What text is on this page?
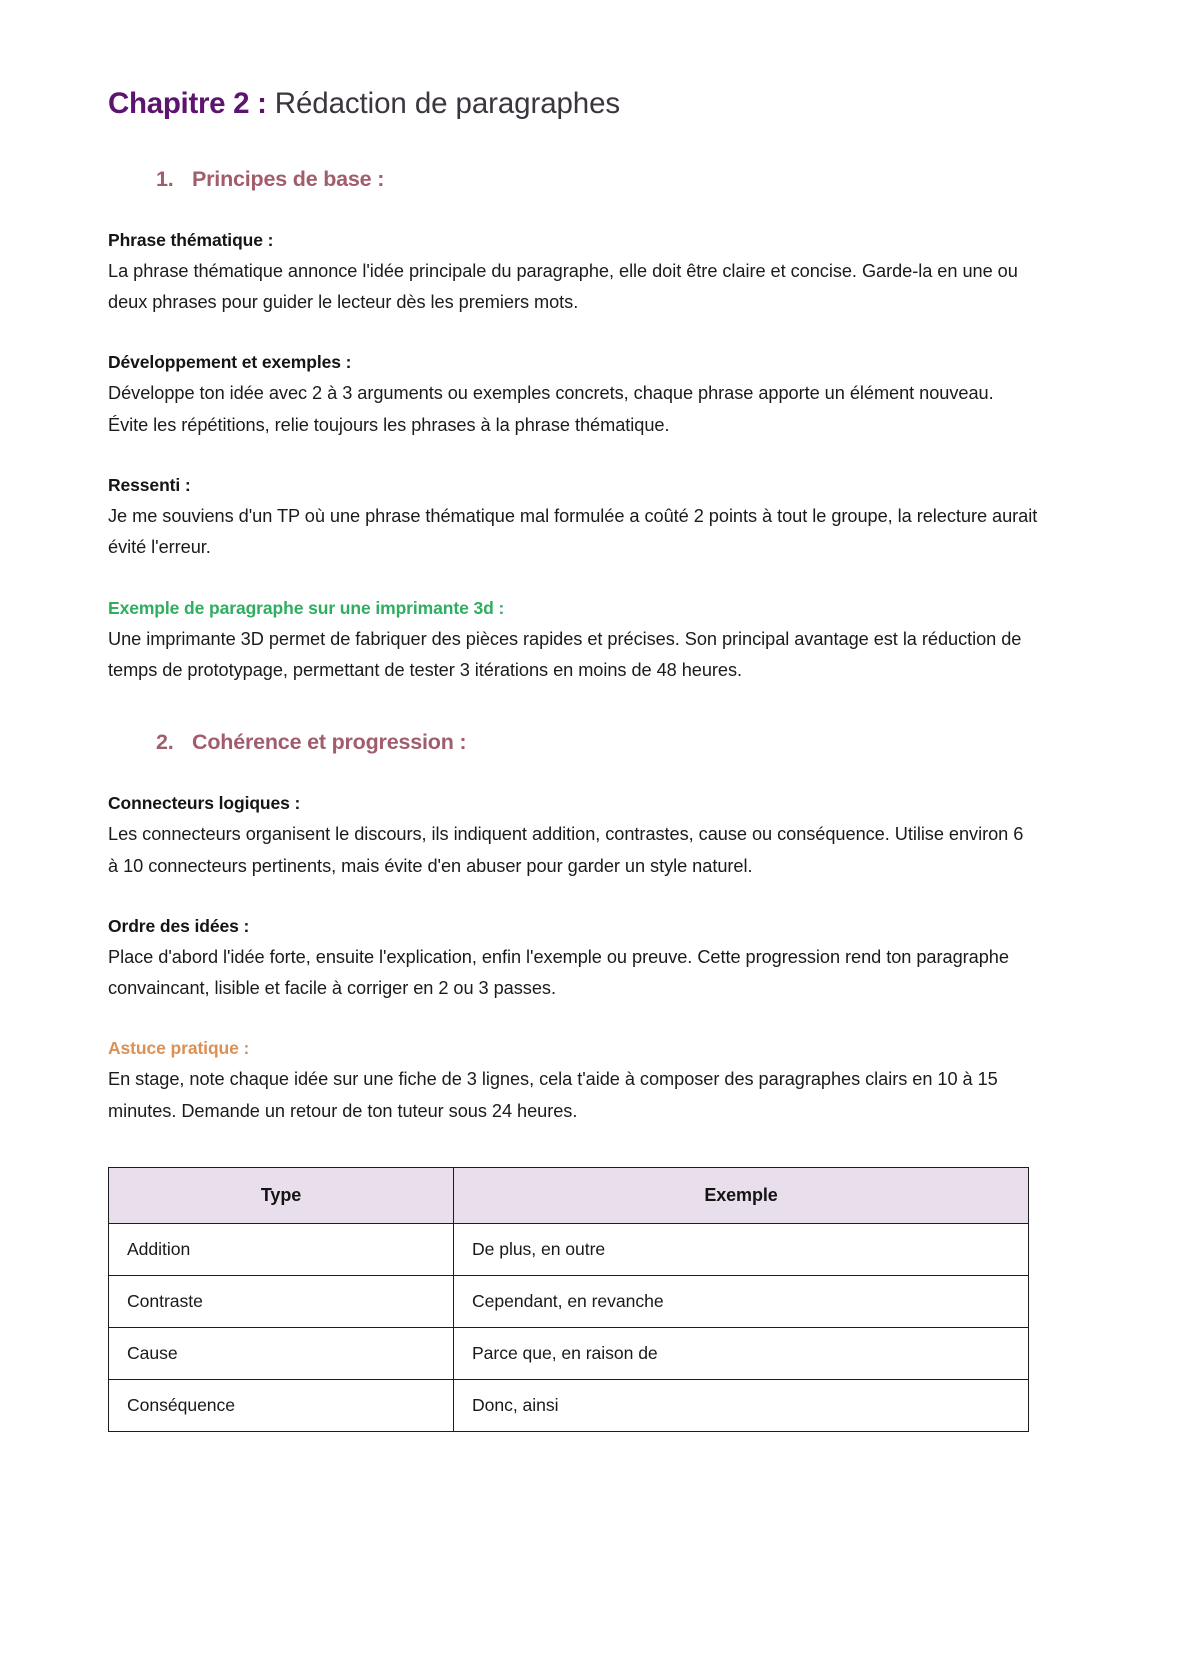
Chapitre 2 : Rédaction de paragraphes
1. Principes de base :
Phrase thématique :

La phrase thématique annonce l'idée principale du paragraphe, elle doit être claire et concise. Garde-la en une ou deux phrases pour guider le lecteur dès les premiers mots.

Développement et exemples :

Développe ton idée avec 2 à 3 arguments ou exemples concrets, chaque phrase apporte un élément nouveau. Évite les répétitions, relie toujours les phrases à la phrase thématique.

Ressenti :

Je me souviens d'un TP où une phrase thématique mal formulée a coûté 2 points à tout le groupe, la relecture aurait évité l'erreur.

Exemple de paragraphe sur une imprimante 3d :

Une imprimante 3D permet de fabriquer des pièces rapides et précises. Son principal avantage est la réduction de temps de prototypage, permettant de tester 3 itérations en moins de 48 heures.

2. Cohérence et progression :
Connecteurs logiques :

Les connecteurs organisent le discours, ils indiquent addition, contrastes, cause ou conséquence. Utilise environ 6 à 10 connecteurs pertinents, mais évite d'en abuser pour garder un style naturel.

Ordre des idées :

Place d'abord l'idée forte, ensuite l'explication, enfin l'exemple ou preuve. Cette progression rend ton paragraphe convaincant, lisible et facile à corriger en 2 ou 3 passes.

Astuce pratique :

En stage, note chaque idée sur une fiche de 3 lignes, cela t'aide à composer des paragraphes clairs en 10 à 15 minutes. Demande un retour de ton tuteur sous 24 heures.

Type	Exemple
Addition	De plus, en outre
Contraste	Cependant, en revanche
Cause	Parce que, en raison de
Conséquence	Donc, ainsi
